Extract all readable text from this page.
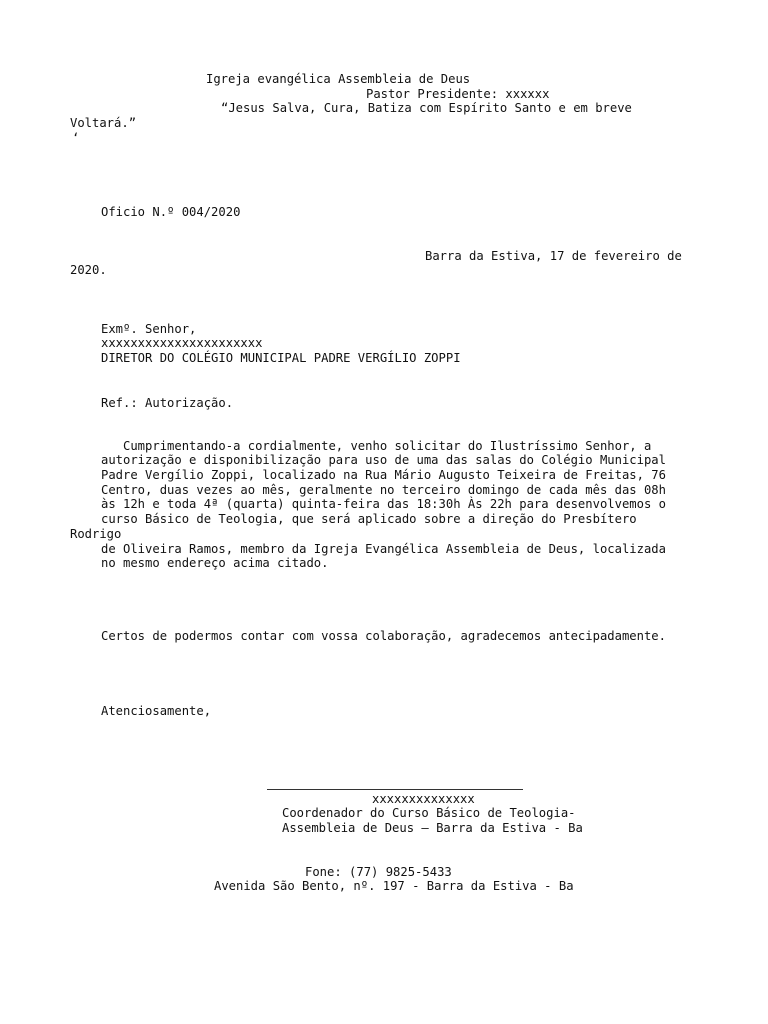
Igreja evangélica Assembleia de Deus

Pastor Presidente: xxxxxx

“Jesus Salva, Cura, Batiza com Espírito Santo e em breve

Voltará.”

‘

Oficio N.º 004/2020

Barra da Estiva, 17 de fevereiro de

2020.

Exmº. Senhor,

xxxxxxxxxxxxxxxxxxxxxx

DIRETOR DO COLÉGIO MUNICIPAL PADRE VERGÍLIO ZOPPI

Ref.: Autorização.

Cumprimentando-a cordialmente, venho solicitar do Ilustríssimo Senhor, a

autorização e disponibilização para uso de uma das salas do Colégio Municipal

Padre Vergílio Zoppi, localizado na Rua Mário Augusto Teixeira de Freitas, 76

Centro, duas vezes ao mês, geralmente no terceiro domingo de cada mês das 08h

às 12h e toda 4ª (quarta) quinta-feira das 18:30h Às 22h para desenvolvemos o

curso Básico de Teologia, que será aplicado sobre a direção do Presbítero

Rodrigo

de Oliveira Ramos, membro da Igreja Evangélica Assembleia de Deus, localizada

no mesmo endereço acima citado.

Certos de podermos contar com vossa colaboração, agradecemos antecipadamente.

Atenciosamente,

xxxxxxxxxxxxxx

Coordenador do Curso Básico de Teologia-

Assembleia de Deus – Barra da Estiva - Ba

Fone: (77) 9825-5433

Avenida São Bento, nº. 197 - Barra da Estiva - Ba
